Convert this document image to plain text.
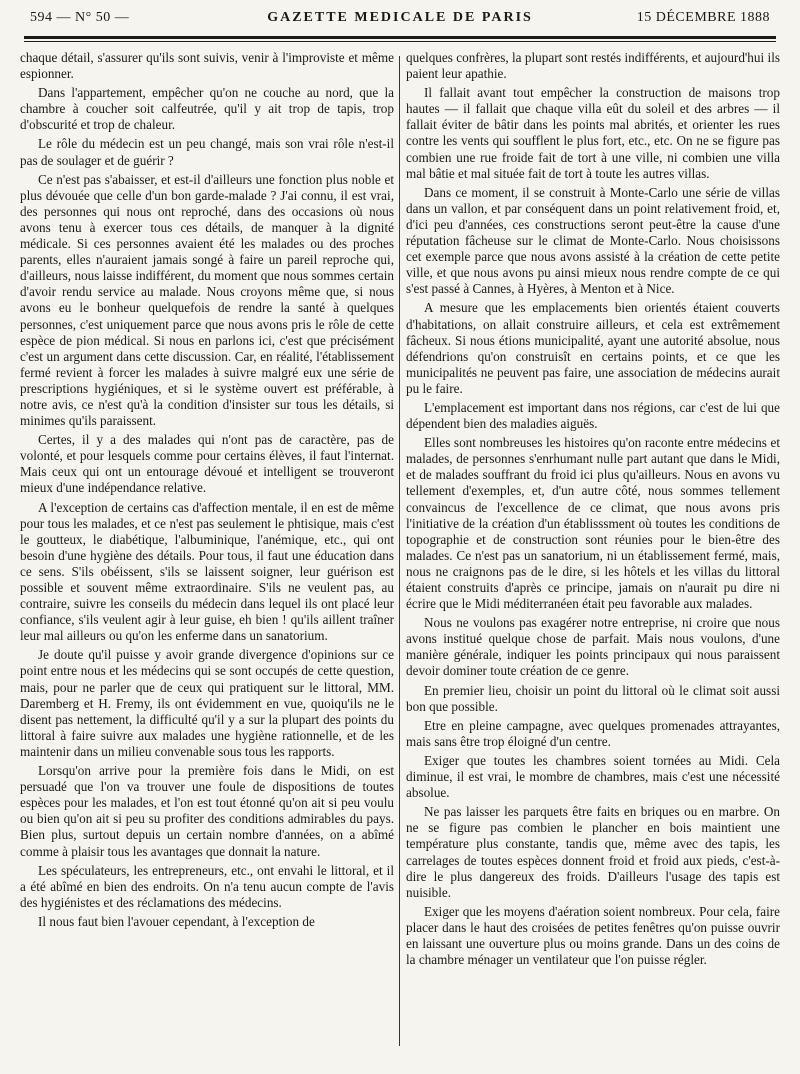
594 — N° 50 —	GAZETTE MEDICALE DE PARIS	15 DÉCEMBRE 1888

chaque détail, s'assurer qu'ils sont suivis, venir à l'improviste et même espionner.

Dans l'appartement, empêcher qu'on ne couche au nord, que la chambre à coucher soit calfeutrée, qu'il y ait trop de tapis, trop d'obscurité et trop de chaleur.

Le rôle du médecin est un peu changé, mais son vrai rôle n'est-il pas de soulager et de guérir ?

Ce n'est pas s'abaisser, et est-il d'ailleurs une fonction plus noble et plus dévouée que celle d'un bon garde-malade ? J'ai connu, il est vrai, des personnes qui nous ont reproché, dans des occasions où nous avons tenu à exercer tous ces détails, de manquer à la dignité médicale. Si ces personnes avaient été les malades ou des proches parents, elles n'auraient jamais songé à faire un pareil reproche qui, d'ailleurs, nous laisse indifférent, du moment que nous sommes certain d'avoir rendu service au malade. Nous croyons même que, si nous avons eu le bonheur quelquefois de rendre la santé à quelques personnes, c'est uniquement parce que nous avons pris le rôle de cette espèce de pion médical. Si nous en parlons ici, c'est que précisément c'est un argument dans cette discussion. Car, en réalité, l'établissement fermé revient à forcer les malades à suivre malgré eux une série de prescriptions hygiéniques, et si le système ouvert est préférable, à notre avis, ce n'est qu'à la condition d'insister sur tous les détails, si minimes qu'ils paraissent.

Certes, il y a des malades qui n'ont pas de caractère, pas de volonté, et pour lesquels comme pour certains élèves, il faut l'internat. Mais ceux qui ont un entourage dévoué et intelligent se trouveront mieux d'une indépendance relative.

A l'exception de certains cas d'affection mentale, il en est de même pour tous les malades, et ce n'est pas seulement le phtisique, mais c'est le goutteux, le diabétique, l'albuminique, l'anémique, etc., qui ont besoin d'une hygiène des détails. Pour tous, il faut une éducation dans ce sens. S'ils obéissent, s'ils se laissent soigner, leur guérison est possible et souvent même extraordinaire. S'ils ne veulent pas, au contraire, suivre les conseils du médecin dans lequel ils ont placé leur confiance, s'ils veulent agir à leur guise, eh bien ! qu'ils aillent traîner leur mal ailleurs ou qu'on les enferme dans un sanatorium.

Je doute qu'il puisse y avoir grande divergence d'opinions sur ce point entre nous et les médecins qui se sont occupés de cette question, mais, pour ne parler que de ceux qui pratiquent sur le littoral, MM. Daremberg et H. Fremy, ils ont évidemment en vue, quoiqu'ils ne le disent pas nettement, la difficulté qu'il y a sur la plupart des points du littoral à faire suivre aux malades une hygiène rationnelle, et de les maintenir dans un milieu convenable sous tous les rapports.

Lorsqu'on arrive pour la première fois dans le Midi, on est persuadé que l'on va trouver une foule de dispositions de toutes espèces pour les malades, et l'on est tout étonné qu'on ait si peu voulu ou bien qu'on ait si peu su profiter des conditions admirables du pays. Bien plus, surtout depuis un certain nombre d'années, on a abîmé comme à plaisir tous les avantages que donnait la nature.

Les spéculateurs, les entrepreneurs, etc., ont envahi le littoral, et il a été abîmé en bien des endroits. On n'a tenu aucun compte de l'avis des hygiénistes et des réclamations des médecins.

Il nous faut bien l'avouer cependant, à l'exception de

quelques confrères, la plupart sont restés indifférents, et aujourd'hui ils paient leur apathie.

Il fallait avant tout empêcher la construction de maisons trop hautes — il fallait que chaque villa eût du soleil et des arbres — il fallait éviter de bâtir dans les points mal abrités, et orienter les rues contre les vents qui soufflent le plus fort, etc., etc. On ne se figure pas combien une rue froide fait de tort à une ville, ni combien une villa mal bâtie et mal située fait de tort à toute les autres villas.

Dans ce moment, il se construit à Monte-Carlo une série de villas dans un vallon, et par conséquent dans un point relativement froid, et, d'ici peu d'années, ces constructions seront peut-être la cause d'une réputation fâcheuse sur le climat de Monte-Carlo. Nous choisissons cet exemple parce que nous avons assisté à la création de cette petite ville, et que nous avons pu ainsi mieux nous rendre compte de ce qui s'est passé à Cannes, à Hyères, à Menton et à Nice.

A mesure que les emplacements bien orientés étaient couverts d'habitations, on allait construire ailleurs, et cela est extrêmement fâcheux. Si nous étions municipalité, ayant une autorité absolue, nous défendrions qu'on construisît en certains points, et ce que les municipalités ne peuvent pas faire, une association de médecins aurait pu le faire.

L'emplacement est important dans nos régions, car c'est de lui que dépendent bien des maladies aiguës.

Elles sont nombreuses les histoires qu'on raconte entre médecins et malades, de personnes s'enrhumant nulle part autant que dans le Midi, et de malades souffrant du froid ici plus qu'ailleurs. Nous en avons vu tellement d'exemples, et, d'un autre côté, nous sommes tellement convaincus de l'excellence de ce climat, que nous avons pris l'initiative de la création d'un établisssment où toutes les conditions de topographie et de construction sont réunies pour le bien-être des malades. Ce n'est pas un sanatorium, ni un établissement fermé, mais, nous ne craignons pas de le dire, si les hôtels et les villas du littoral étaient construits d'après ce principe, jamais on n'aurait pu dire ni écrire que le Midi méditerranéen était peu favorable aux malades.

Nous ne voulons pas exagérer notre entreprise, ni croire que nous avons institué quelque chose de parfait. Mais nous voulons, d'une manière générale, indiquer les points principaux qui nous paraissent devoir dominer toute création de ce genre.

En premier lieu, choisir un point du littoral où le climat soit aussi bon que possible.

Etre en pleine campagne, avec quelques promenades attrayantes, mais sans être trop éloigné d'un centre.

Exiger que toutes les chambres soient tornées au Midi. Cela diminue, il est vrai, le mombre de chambres, mais c'est une nécessité absolue.

Ne pas laisser les parquets être faits en briques ou en marbre. On ne se figure pas combien le plancher en bois maintient une température plus constante, tandis que, même avec des tapis, les carrelages de toutes espèces donnent froid et froid aux pieds, c'est-à-dire le plus dangereux des froids. D'ailleurs l'usage des tapis est nuisible.

Exiger que les moyens d'aération soient nombreux. Pour cela, faire placer dans le haut des croisées de petites fenêtres qu'on puisse ouvrir en laissant une ouverture plus ou moins grande. Dans un des coins de la chambre ménager un ventilateur que l'on puisse régler.
